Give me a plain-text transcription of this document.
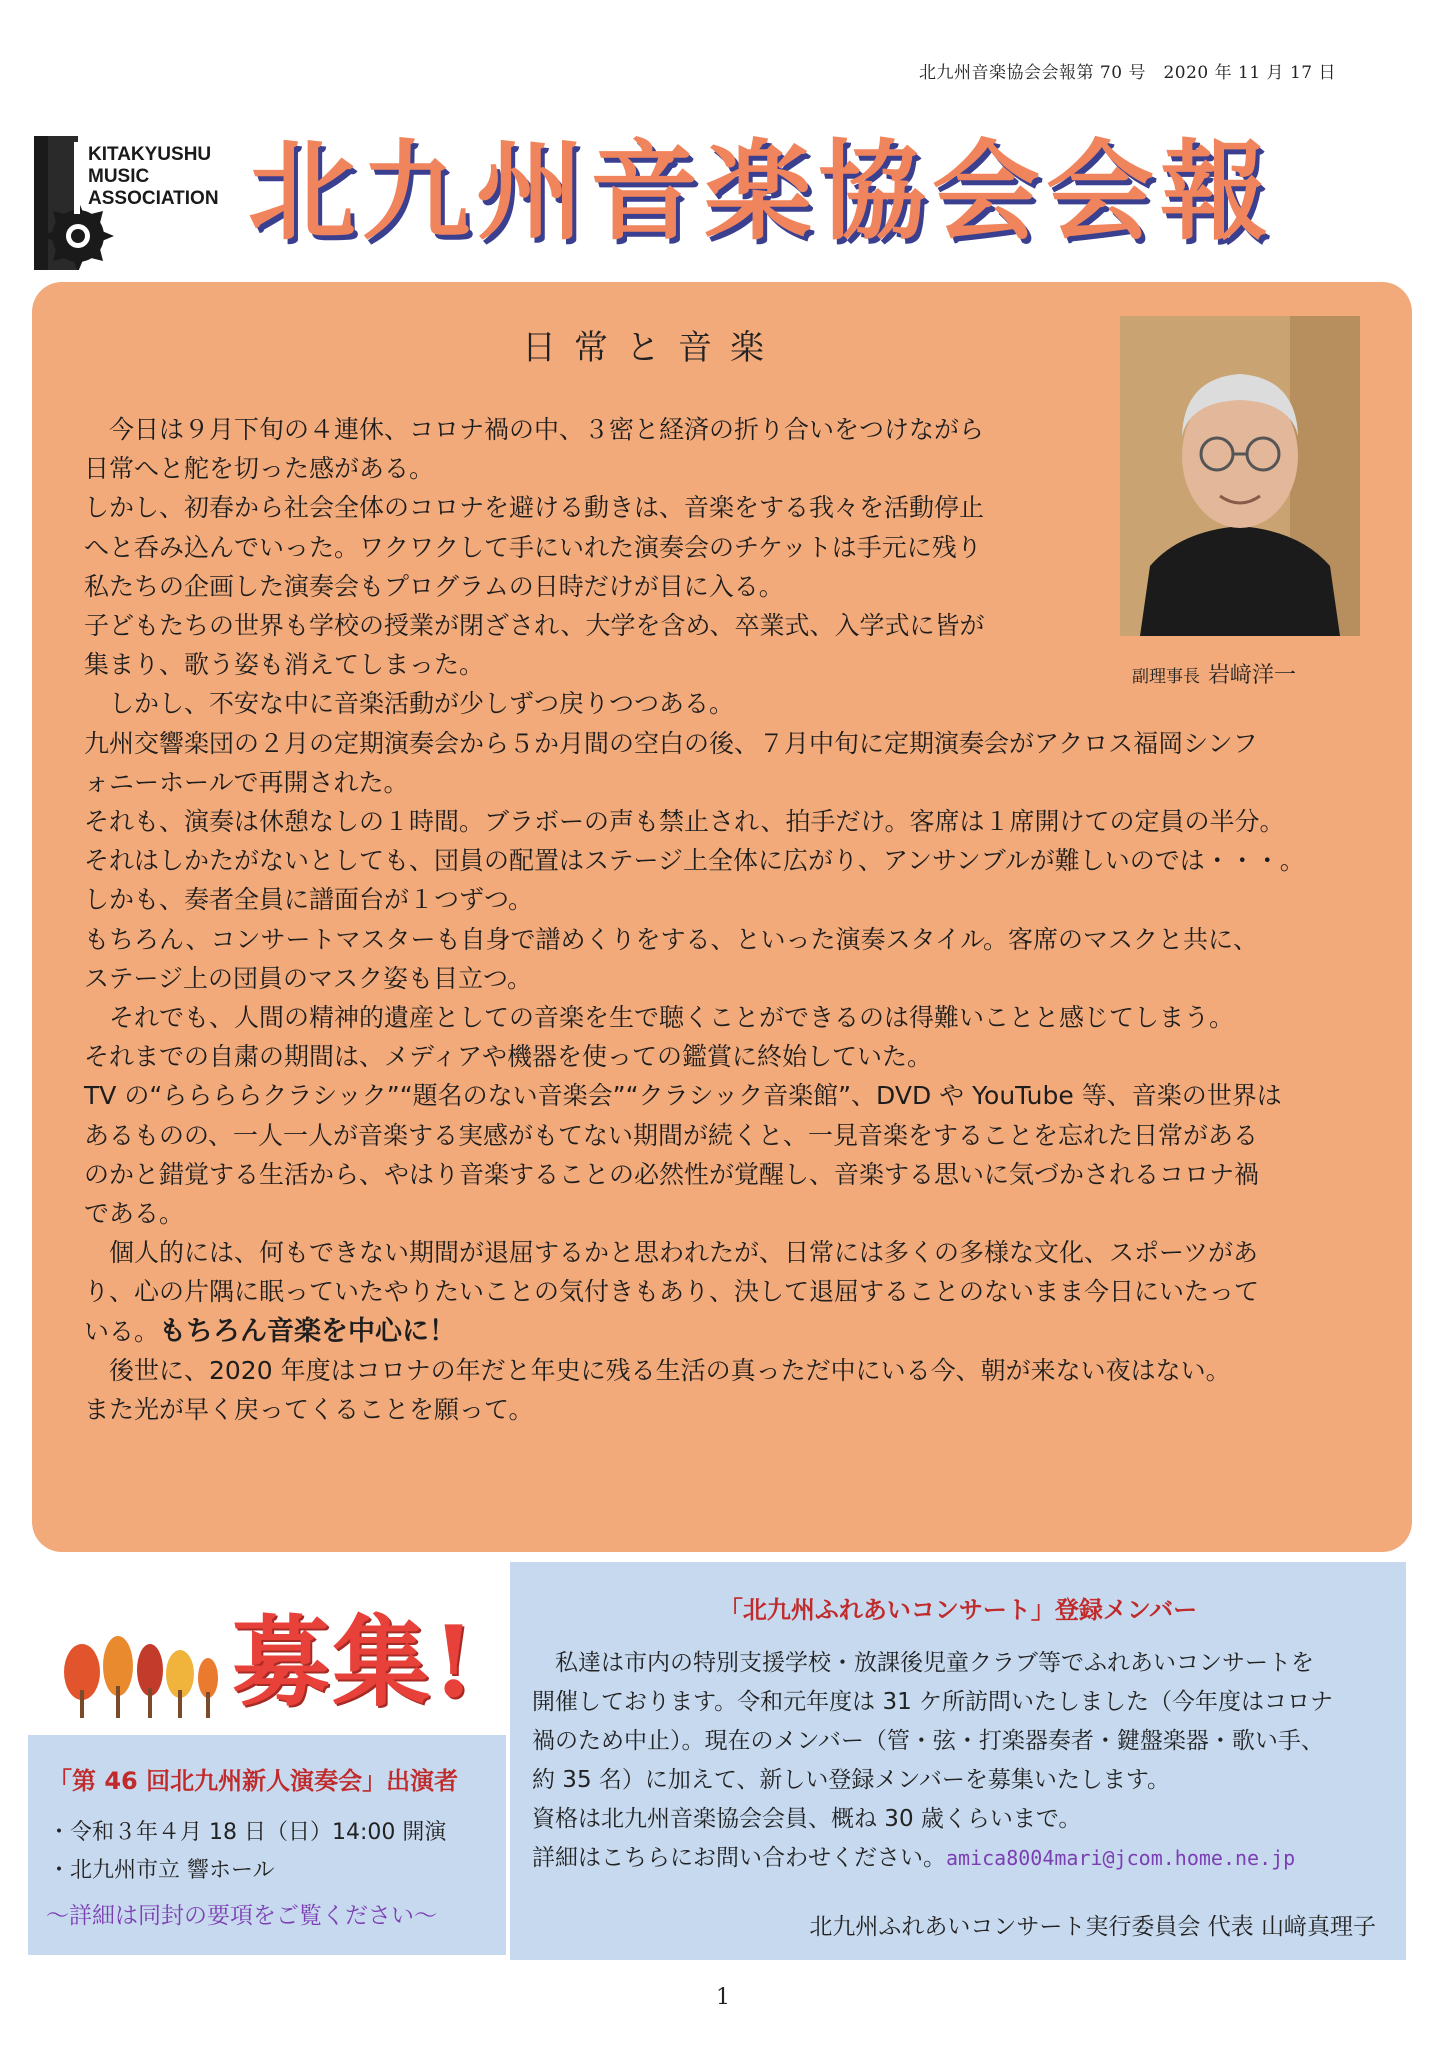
北九州音楽協会会報第 70 号　2020 年 11 月 17 日
KITAKYUSHU
MUSIC
ASSOCIATION 北九州音楽協会会報
日常と音楽
副理事長 岩﨑洋一

　今日は９月下旬の４連休、コロナ禍の中、３密と経済の折り合いをつけながら

日常へと舵を切った感がある。

しかし、初春から社会全体のコロナを避ける動きは、音楽をする我々を活動停止

へと呑み込んでいった。ワクワクして手にいれた演奏会のチケットは手元に残り

私たちの企画した演奏会もプログラムの日時だけが目に入る。

子どもたちの世界も学校の授業が閉ざされ、大学を含め、卒業式、入学式に皆が

集まり、歌う姿も消えてしまった。

　しかし、不安な中に音楽活動が少しずつ戻りつつある。

九州交響楽団の２月の定期演奏会から５か月間の空白の後、７月中旬に定期演奏会がアクロス福岡シンフ

ォニーホールで再開された。

それも、演奏は休憩なしの１時間。ブラボーの声も禁止され、拍手だけ。客席は１席開けての定員の半分。

それはしかたがないとしても、団員の配置はステージ上全体に広がり、アンサンブルが難しいのでは・・・。

しかも、奏者全員に譜面台が１つずつ。

もちろん、コンサートマスターも自身で譜めくりをする、といった演奏スタイル。客席のマスクと共に、

ステージ上の団員のマスク姿も目立つ。

　それでも、人間の精神的遺産としての音楽を生で聴くことができるのは得難いことと感じてしまう。

それまでの自粛の期間は、メディアや機器を使っての鑑賞に終始していた。

TV の“ららららクラシック”“題名のない音楽会”“クラシック音楽館”、DVD や YouTube 等、音楽の世界は

あるものの、一人一人が音楽する実感がもてない期間が続くと、一見音楽をすることを忘れた日常がある

のかと錯覚する生活から、やはり音楽することの必然性が覚醒し、音楽する思いに気づかされるコロナ禍

である。

　個人的には、何もできない期間が退屈するかと思われたが、日常には多くの多様な文化、スポーツがあ

り、心の片隅に眠っていたやりたいことの気付きもあり、決して退屈することのないまま今日にいたって

いる。もちろん音楽を中心に！

　後世に、2020 年度はコロナの年だと年史に残る生活の真っただ中にいる今、朝が来ない夜はない。

また光が早く戻ってくることを願って。

募集!
「第 46 回北九州新人演奏会」出演者
・令和３年４月 18 日（日）14:00 開演
・北九州市立 響ホール
～詳細は同封の要項をご覧ください～
「北九州ふれあいコンサート」登録メンバー

　私達は市内の特別支援学校・放課後児童クラブ等でふれあいコンサートを

開催しております。令和元年度は 31 ケ所訪問いたしました（今年度はコロナ

禍のため中止）。現在のメンバー（管・弦・打楽器奏者・鍵盤楽器・歌い手、

約 35 名）に加えて、新しい登録メンバーを募集いたします。

資格は北九州音楽協会会員、概ね 30 歳くらいまで。

詳細はこちらにお問い合わせください。amica8004mari@jcom.home.ne.jp

北九州ふれあいコンサート実行委員会 代表 山﨑真理子
1
